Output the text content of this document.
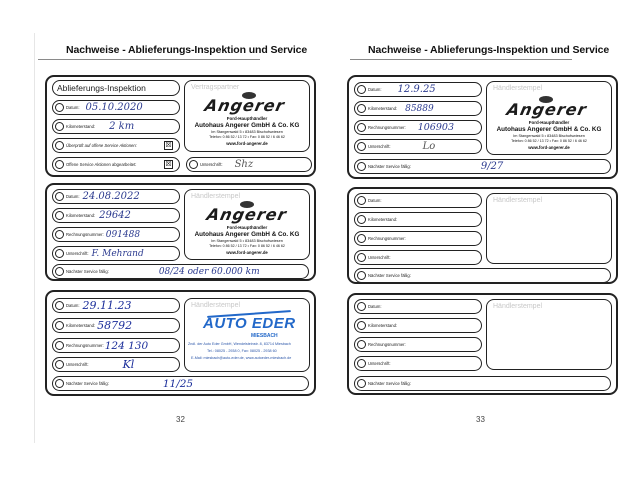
Nachweise - Ablieferungs-Inspektion und Service
Ablieferungs-Inspektion
Datum: 05.10.2020
Kilometerstand: 2 km
Überprüft auf offene Service Aktionen:	☒
Offene Service Aktionen abgearbeitet:	☒
Vertragspartner
Angerer
Ford-Haupthändler
Autohaus Angerer GmbH & Co. KG
Im Stangenwald 5 • 83483 Bischofswiesen
Telefon: 0 86 52 / 13 72 • Fax: 0 86 52 / 6 46 62
www.ford-angerer.de
Unterschrift: Shz
Datum: 24.08.2022
Kilometerstand: 29642
Rechnungsnummer: 091488
Unterschrift: F. Mehrand
Nächster Service fällig:	08/24 oder 60.000 km
Händlerstempel
Angerer
Ford-Haupthändler
Autohaus Angerer GmbH & Co. KG
Im Stangenwald 5 • 83483 Bischofswiesen
Telefon: 0 86 52 / 13 72 • Fax: 0 86 52 / 6 46 62
www.ford-angerer.de
Datum: 29.11.23
Kilometerstand: 58792
Rechnungsnummer: 124 130
Unterschrift:	Kl
Nächster Service fällig:	11/25
Händlerstempel
AUTO EDER
MIESBACH
Zndl. der Auto Eder GmbH, Wendelsteinstr. 8, 83714 Miesbach
Tel.: 08025 - 2938 0, Fax: 08025 - 2938 60
E-Mail: miesbach@auto-eder.de, www.autoeder-miesbach.de
32
Nachweise - Ablieferungs-Inspektion und Service
Datum: 12.9.25
Kilometerstand: 85889
Rechnungsnummer: 106903
Unterschrift:	Lo
Nächster Service fällig:	9/27
Händlerstempel
Angerer
Ford-Haupthändler
Autohaus Angerer GmbH & Co. KG
Im Stangenwald 5 • 83483 Bischofswiesen
Telefon: 0 86 52 / 13 72 • Fax: 0 86 52 / 6 46 62
www.ford-angerer.de
Datum:
Kilometerstand:
Rechnungsnummer:
Unterschrift:
Nächster Service fällig:
Händlerstempel
Datum:
Kilometerstand:
Rechnungsnummer:
Unterschrift:
Nächster Service fällig:
Händlerstempel
33
